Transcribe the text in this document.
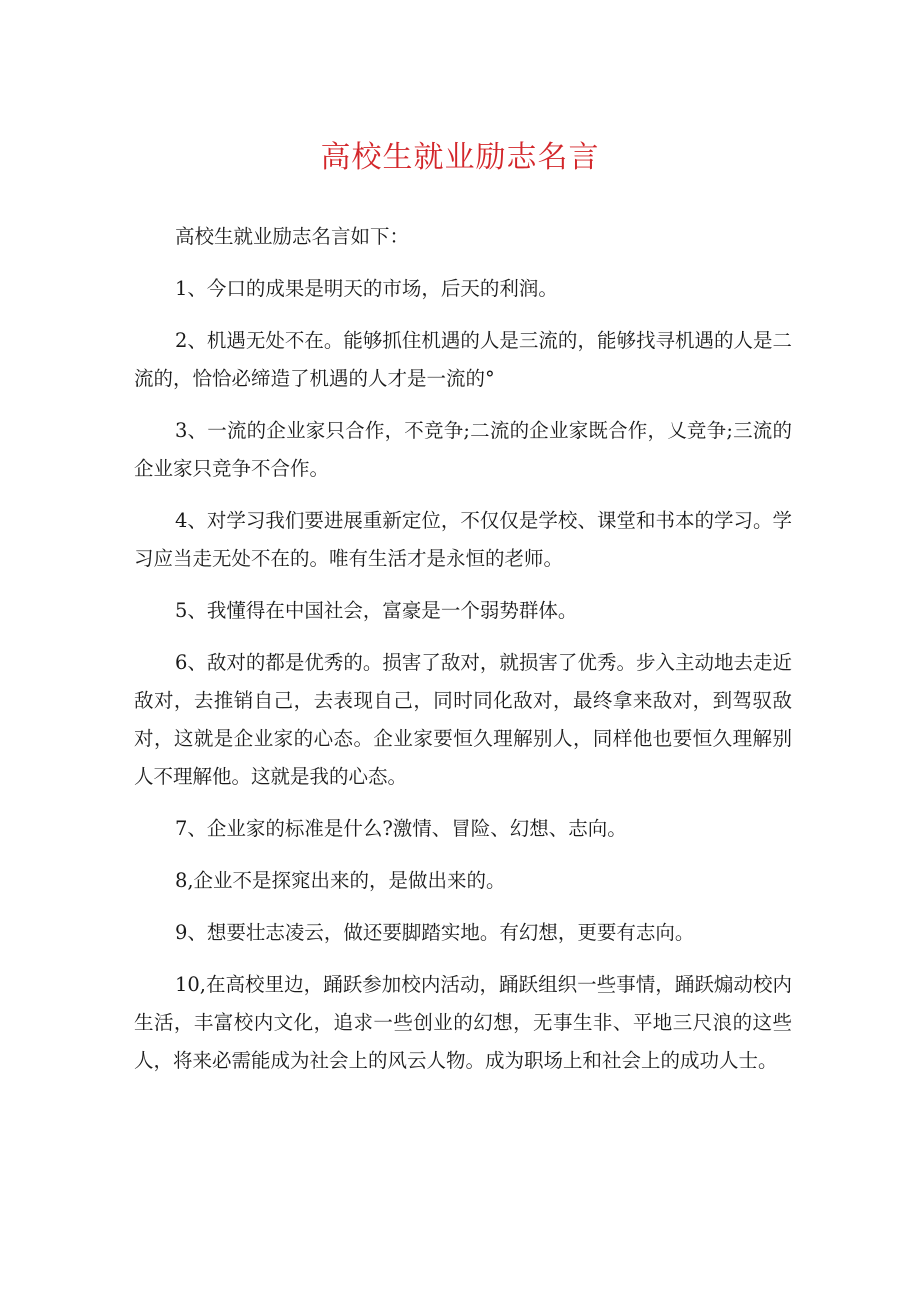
高校生就业励志名言

高校生就业励志名言如下：

1、今口的成果是明天的市场，后天的利润。

2、机遇无处不在。能够抓住机遇的人是三流的，能够找寻机遇的人是二流的，恰恰必缔造了机遇的人才是一流的°

3、一流的企业家只合作，不竞争;二流的企业家既合作，乂竞争;三流的企业家只竞争不合作。

4、对学习我们要进展重新定位，不仅仅是学校、课堂和书本的学习。学习应当走无处不在的。唯有生活才是永恒的老师。

5、我懂得在中国社会，富豪是一个弱势群体。

6、敌对的都是优秀的。损害了敌对，就损害了优秀。步入主动地去走近敌对，去推销自己，去表现自己，同时同化敌对，最终拿来敌对，到驾驭敌对，这就是企业家的心态。企业家要恒久理解别人，同样他也要恒久理解别人不理解他。这就是我的心态。

7、企业家的标准是什么?激情、冒险、幻想、志向。

8,企业不是探窕出来的，是做出来的。

9、想要壮志凌云，做还要脚踏实地。有幻想，更要有志向。

10,在高校里边，踊跃参加校内活动，踊跃组织一些事情，踊跃煽动校内生活，丰富校内文化，追求一些创业的幻想，无事生非、平地三尺浪的这些人，将来必需能成为社会上的风云人物。成为职场上和社会上的成功人士。
